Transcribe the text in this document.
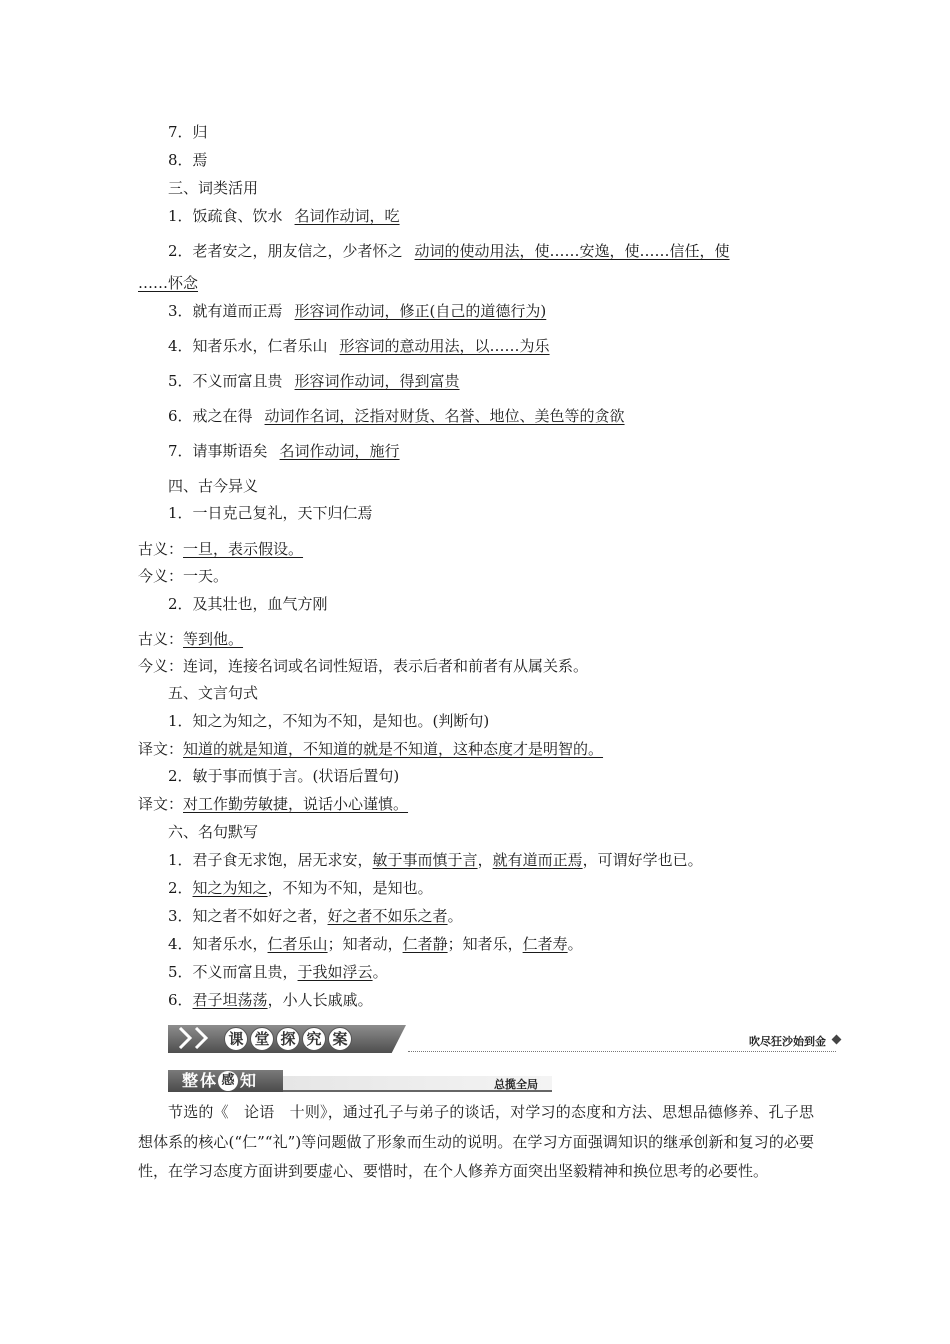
7．归
8．焉
三、词类活用
1．饭疏食、饮水 名词作动词，吃
2．老者安之，朋友信之，少者怀之 动词的使动用法，使……安逸，使……信任，使
……怀念
3．就有道而正焉 形容词作动词，修正(自己的道德行为)
4．知者乐水，仁者乐山 形容词的意动用法，以……为乐
5．不义而富且贵 形容词作动词，得到富贵
6．戒之在得 动词作名词，泛指对财货、名誉、地位、美色等的贪欲
7．请事斯语矣 名词作动词，施行
四、古今异义
1．一日克己复礼，天下归仁焉
古义：一旦，表示假设。
今义：一天。
2．及其壮也，血气方刚
古义：等到他。
今义：连词，连接名词或名词性短语，表示后者和前者有从属关系。
五、文言句式
1．知之为知之，不知为不知，是知也。(判断句)
译文：知道的就是知道，不知道的就是不知道，这种态度才是明智的。
2．敏于事而慎于言。(状语后置句)
译文：对工作勤劳敏捷，说话小心谨慎。
六、名句默写
1．君子食无求饱，居无求安，敏于事而慎于言，就有道而正焉，可谓好学也已。
2．知之为知之，不知为不知，是知也。
3．知之者不如好之者，好之者不如乐之者。
4．知者乐水，仁者乐山；知者动，仁者静；知者乐，仁者寿。
5．不义而富且贵，于我如浮云。
6．君子坦荡荡，小人长戚戚。
课 堂 探 究 案	吹尽狂沙始到金
整 体 感 知	总揽全局
节选的《　论语　十则》，通过孔子与弟子的谈话，对学习的态度和方法、思想品德修养、孔子思想体系的核心(“仁”“礼”)等问题做了形象而生动的说明。在学习方面强调知识的继承创新和复习的必要性，在学习态度方面讲到要虚心、要惜时，在个人修养方面突出坚毅精神和换位思考的必要性。
